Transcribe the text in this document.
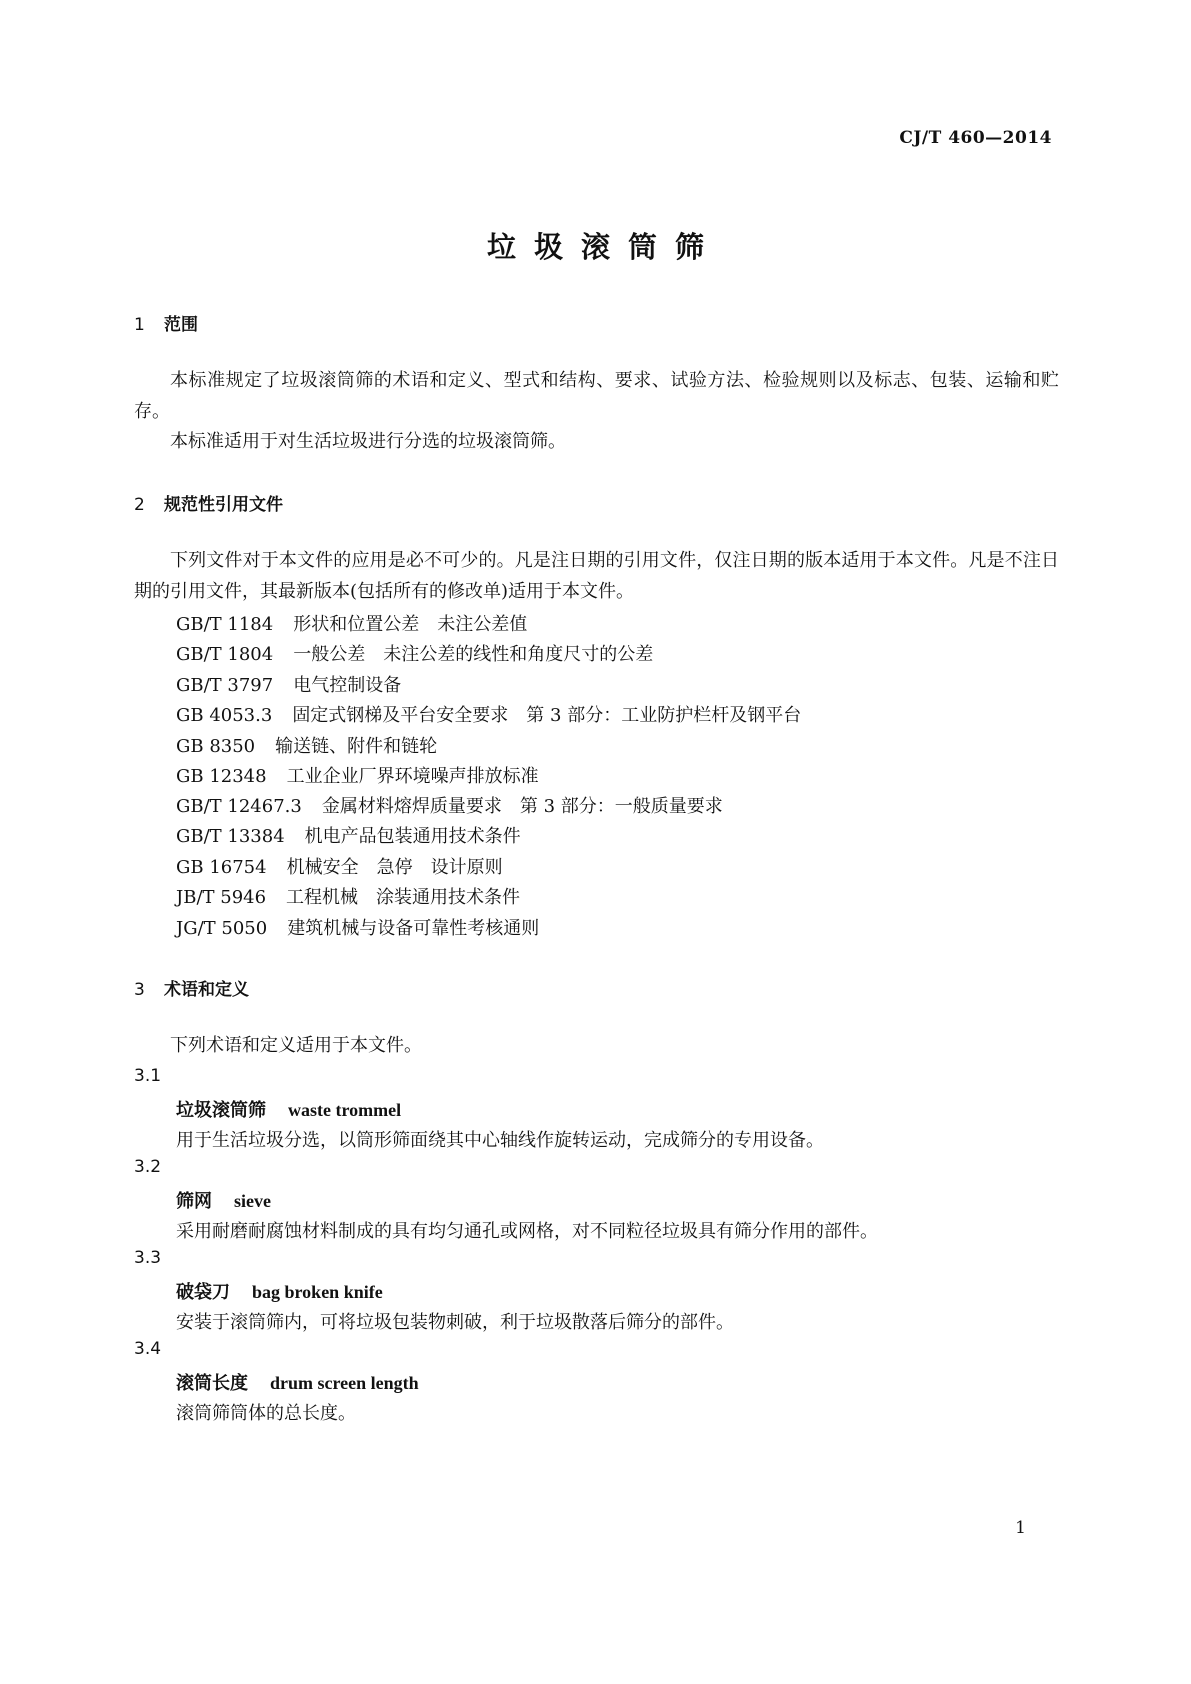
CJ/T 460—2014
垃圾滚筒筛
1 范围
本标准规定了垃圾滚筒筛的术语和定义、型式和结构、要求、试验方法、检验规则以及标志、包装、运输和贮存。
本标准适用于对生活垃圾进行分选的垃圾滚筒筛。
2 规范性引用文件
下列文件对于本文件的应用是必不可少的。凡是注日期的引用文件，仅注日期的版本适用于本文件。凡是不注日期的引用文件，其最新版本(包括所有的修改单)适用于本文件。
GB/T 1184 形状和位置公差　未注公差值
GB/T 1804 一般公差　未注公差的线性和角度尺寸的公差
GB/T 3797 电气控制设备
GB 4053.3 固定式钢梯及平台安全要求　第 3 部分：工业防护栏杆及钢平台
GB 8350 输送链、附件和链轮
GB 12348 工业企业厂界环境噪声排放标准
GB/T 12467.3 金属材料熔焊质量要求　第 3 部分：一般质量要求
GB/T 13384 机电产品包装通用技术条件
GB 16754 机械安全　急停　设计原则
JB/T 5946 工程机械　涂装通用技术条件
JG/T 5050 建筑机械与设备可靠性考核通则
3 术语和定义
下列术语和定义适用于本文件。
3.1
垃圾滚筒筛 waste trommel
用于生活垃圾分选，以筒形筛面绕其中心轴线作旋转运动，完成筛分的专用设备。
3.2
筛网 sieve
采用耐磨耐腐蚀材料制成的具有均匀通孔或网格，对不同粒径垃圾具有筛分作用的部件。
3.3
破袋刀 bag broken knife
安装于滚筒筛内，可将垃圾包装物刺破，利于垃圾散落后筛分的部件。
3.4
滚筒长度 drum screen length
滚筒筛筒体的总长度。
1
